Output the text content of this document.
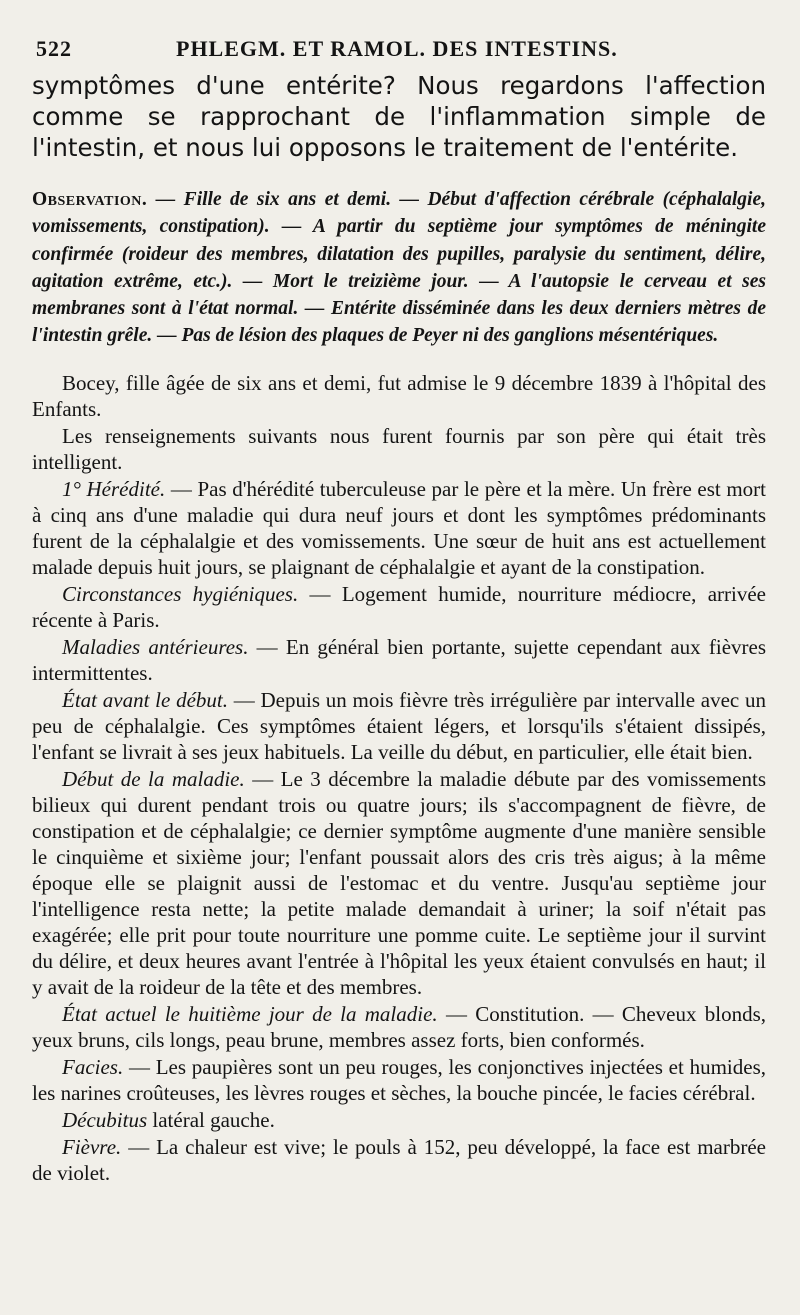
522	PHLEGM. ET RAMOL. DES INTESTINS.

symptômes d'une entérite? Nous regardons l'affection comme se rapprochant de l'inflammation simple de l'intestin, et nous lui opposons le traitement de l'entérite.

Observation. — Fille de six ans et demi. — Début d'affection cérébrale (céphalalgie, vomissements, constipation). — A partir du septième jour symptômes de méningite confirmée (roideur des membres, dilatation des pupilles, paralysie du sentiment, délire, agitation extrême, etc.). — Mort le treizième jour. — A l'autopsie le cerveau et ses membranes sont à l'état normal. — Entérite disséminée dans les deux derniers mètres de l'intestin grêle. — Pas de lésion des plaques de Peyer ni des ganglions mésentériques.

Bocey, fille âgée de six ans et demi, fut admise le 9 décembre 1839 à l'hôpital des Enfants.

Les renseignements suivants nous furent fournis par son père qui était très intelligent.

1° Hérédité. — Pas d'hérédité tuberculeuse par le père et la mère. Un frère est mort à cinq ans d'une maladie qui dura neuf jours et dont les symptômes prédominants furent de la céphalalgie et des vomissements. Une sœur de huit ans est actuellement malade depuis huit jours, se plaignant de céphalalgie et ayant de la constipation.

Circonstances hygiéniques. — Logement humide, nourriture médiocre, arrivée récente à Paris.

Maladies antérieures. — En général bien portante, sujette cependant aux fièvres intermittentes.

État avant le début. — Depuis un mois fièvre très irrégulière par intervalle avec un peu de céphalalgie. Ces symptômes étaient légers, et lorsqu'ils s'étaient dissipés, l'enfant se livrait à ses jeux habituels. La veille du début, en particulier, elle était bien.

Début de la maladie. — Le 3 décembre la maladie débute par des vomissements bilieux qui durent pendant trois ou quatre jours; ils s'accompagnent de fièvre, de constipation et de céphalalgie; ce dernier symptôme augmente d'une manière sensible le cinquième et sixième jour; l'enfant poussait alors des cris très aigus; à la même époque elle se plaignit aussi de l'estomac et du ventre. Jusqu'au septième jour l'intelligence resta nette; la petite malade demandait à uriner; la soif n'était pas exagérée; elle prit pour toute nourriture une pomme cuite. Le septième jour il survint du délire, et deux heures avant l'entrée à l'hôpital les yeux étaient convulsés en haut; il y avait de la roideur de la tête et des membres.

État actuel le huitième jour de la maladie. — Constitution. — Cheveux blonds, yeux bruns, cils longs, peau brune, membres assez forts, bien conformés.

Facies. — Les paupières sont un peu rouges, les conjonctives injectées et humides, les narines croûteuses, les lèvres rouges et sèches, la bouche pincée, le facies cérébral.

Décubitus latéral gauche.

Fièvre. — La chaleur est vive; le pouls à 152, peu développé, la face est marbrée de violet.
